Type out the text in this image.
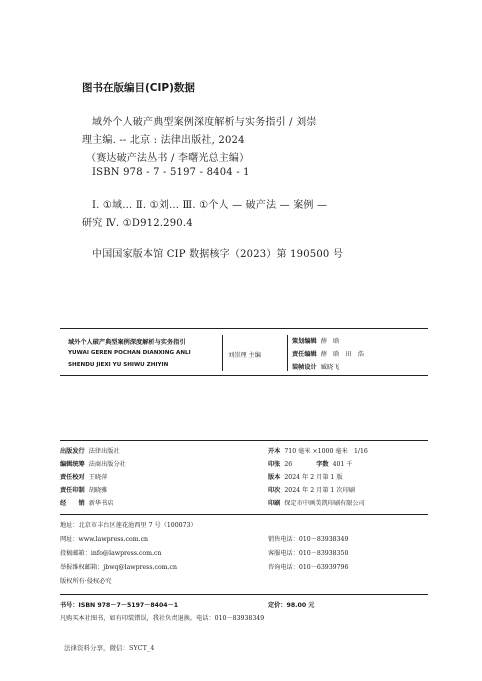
图书在版编目(CIP)数据
域外个人破产典型案例深度解析与实务指引 / 刘崇
理主编. -- 北京 : 法律出版社, 2024
（赛达破产法丛书 / 李曙光总主编）
ISBN 978 - 7 - 5197 - 8404 - 1
Ⅰ. ①域… Ⅱ. ①刘… Ⅲ. ①个人 — 破产法 — 案例 —
研究 Ⅳ. ①D912.290.4
中国国家版本馆 CIP 数据核字（2023）第 190500 号
域外个人破产典型案例深度解析与实务指引
YUWAI GEREN POCHAN DIANXING ANLI
SHENDU JIEXI YU SHIWU ZHIYIN
刘崇理 主编
策划编辑 薛　晗
责任编辑 薛　晗　田　浩
装帧设计 臧晓飞
出版发行 法律出版社
编辑统筹 法商出版分社
责任校对 王晓萍
责任印制 胡晓雅
经　　销 新华书店
开本 710 毫米 ×1000 毫米　1/16
印张 26	字数 401 千
版本 2024 年 2 月第 1 版
印次 2024 年 2 月第 1 次印刷
印刷 保定市中画美凯印刷有限公司
地址：北京市丰台区莲花池西里 7 号（100073）
网址：www.lawpress.com.cn
投稿邮箱：info@lawpress.com.cn
举报维权邮箱：jbwq@lawpress.com.cn
版权所有·侵权必究
销售电话：010－83938349
客服电话：010－83938350
咨询电话：010－63939796
书号：ISBN 978－7－5197－8404－1	定价：98.00 元
凡购买本社图书，如有印装错误，我社负责退换。电话：010－83938349
法律资料分享，微信：SYCT_4
